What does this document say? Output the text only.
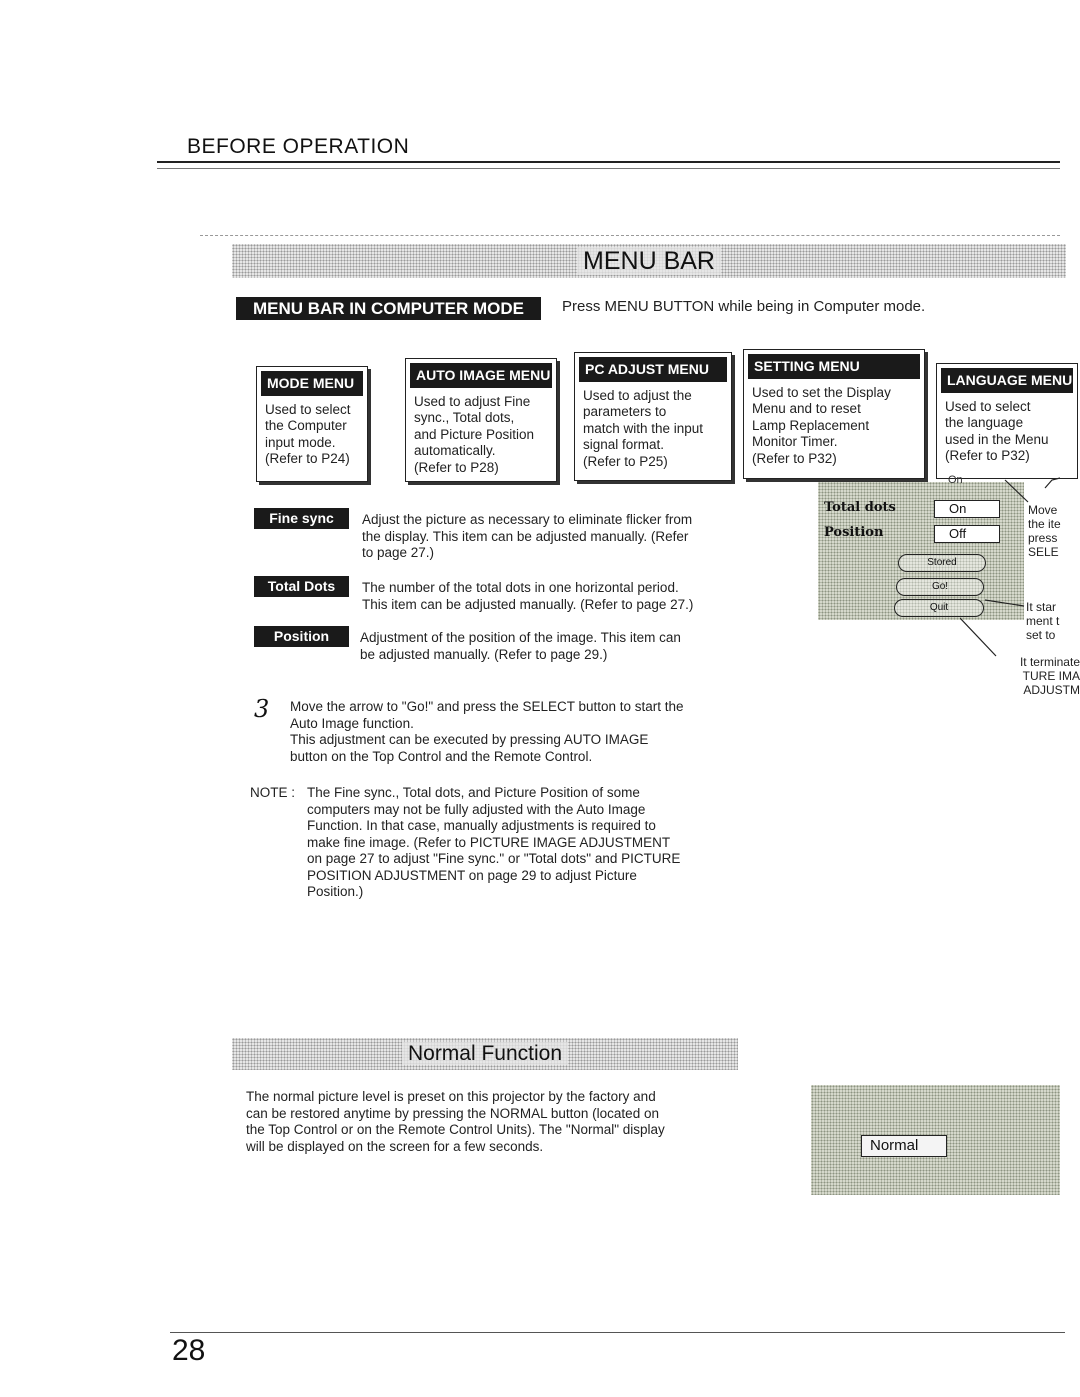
BEFORE OPERATION
MENU BAR
MENU BAR IN COMPUTER MODE	Press MENU BUTTON while being in Computer mode.
MODE MENU
Used to select
the Computer
input mode.
(Refer to P24)
AUTO IMAGE MENU
Used to adjust Fine
sync., Total dots,
and Picture Position
automatically.
(Refer to P28)
PC ADJUST MENU
Used to adjust the
parameters to
match with the input
signal format.
(Refer to P25)
SETTING MENU
Used to set the Display
Menu and to reset
Lamp Replacement
Monitor Timer.
(Refer to P32)
LANGUAGE MENU
Used to select
the language
used in the Menu
(Refer to P32)
Fine sync	Adjust the picture as necessary to eliminate flicker from
the display. This item can be adjusted manually. (Refer
to page 27.)
Total Dots	The number of the total dots in one horizontal period.
This item can be adjusted manually. (Refer to page 27.)
Position	Adjustment of the position of the image. This item can
be adjusted manually. (Refer to page 29.)
On
Total dots	On
Position	Off
Stored
Go!
Quit
Move
the ite
press
SELE
It star
ment t
set to
It terminate
TURE IMA
ADJUSTM
3 Move the arrow to "Go!" and press the SELECT button to start the
Auto Image function.
This adjustment can be executed by pressing AUTO IMAGE
button on the Top Control and the Remote Control.
NOTE : The Fine sync., Total dots, and Picture Position of some
computers may not be fully adjusted with the Auto Image
Function. In that case, manually adjustments is required to
make fine image. (Refer to PICTURE IMAGE ADJUSTMENT
on page 27 to adjust "Fine sync." or "Total dots" and PICTURE
POSITION ADJUSTMENT on page 29 to adjust Picture
Position.)
Normal Function
The normal picture level is preset on this projector by the factory and
can be restored anytime by pressing the NORMAL button (located on
the Top Control or on the Remote Control Units). The "Normal" display
will be displayed on the screen for a few seconds.	Normal
28
